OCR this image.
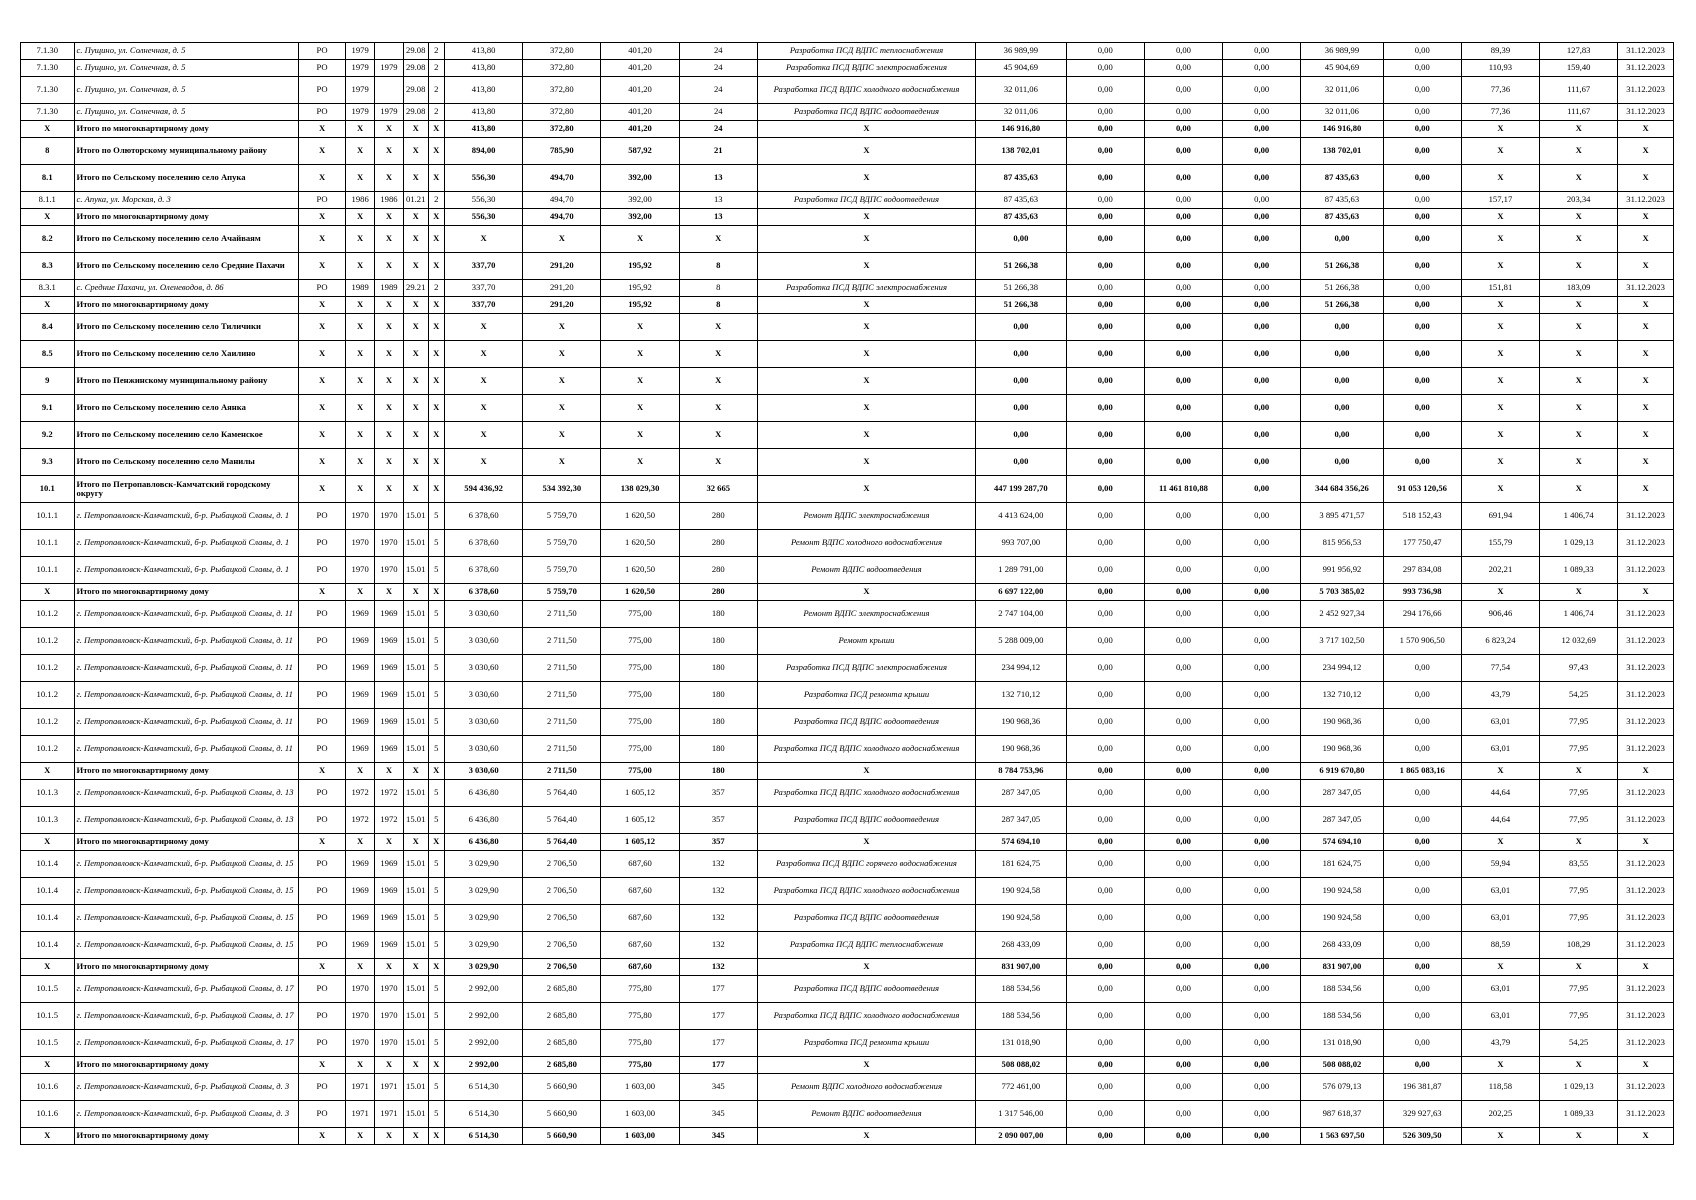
7.1.30	с. Пущино, ул. Солнечная, д. 5	РО	1979		29.08	2	413,80	372,80	401,20	24	Разработка ПСД ВДПС теплоснабжения	36 989,99	0,00	0,00	0,00	36 989,99	0,00	89,39	127,83	31.12.2023
7.1.30	с. Пущино, ул. Солнечная, д. 5	РО	1979	1979	29.08	2	413,80	372,80	401,20	24	Разработка ПСД ВДПС электроснабжения	45 904,69	0,00	0,00	0,00	45 904,69	0,00	110,93	159,40	31.12.2023
7.1.30	с. Пущино, ул. Солнечная, д. 5	РО	1979		29.08	2	413,80	372,80	401,20	24	Разработка ПСД ВДПС холодного водоснабжения	32 011,06	0,00	0,00	0,00	32 011,06	0,00	77,36	111,67	31.12.2023
7.1.30	с. Пущино, ул. Солнечная, д. 5	РО	1979	1979	29.08	2	413,80	372,80	401,20	24	Разработка ПСД ВДПС водоотведения	32 011,06	0,00	0,00	0,00	32 011,06	0,00	77,36	111,67	31.12.2023
X	Итого по многоквартирному дому	X	X	X	X	X	413,80	372,80	401,20	24	X	146 916,80	0,00	0,00	0,00	146 916,80	0,00	X	X	X
8	Итого по Олюторскому муниципальному району	X	X	X	X	X	894,00	785,90	587,92	21	X	138 702,01	0,00	0,00	0,00	138 702,01	0,00	X	X	X
8.1	Итого по Сельскому поселению село Апука	X	X	X	X	X	556,30	494,70	392,00	13	X	87 435,63	0,00	0,00	0,00	87 435,63	0,00	X	X	X
8.1.1	с. Апука, ул. Морская, д. 3	РО	1986	1986	01.21	2	556,30	494,70	392,00	13	Разработка ПСД ВДПС водоотведения	87 435,63	0,00	0,00	0,00	87 435,63	0,00	157,17	203,34	31.12.2023
X	Итого по многоквартирному дому	X	X	X	X	X	556,30	494,70	392,00	13	X	87 435,63	0,00	0,00	0,00	87 435,63	0,00	X	X	X
8.2	Итого по Сельскому поселению село Ачайваям	X	X	X	X	X	X	X	X	X	X	0,00	0,00	0,00	0,00	0,00	0,00	X	X	X
8.3	Итого по Сельскому поселению село Средние Пахачи	X	X	X	X	X	337,70	291,20	195,92	8	X	51 266,38	0,00	0,00	0,00	51 266,38	0,00	X	X	X
8.3.1	с. Средние Пахачи, ул. Оленеводов, д. 86	РО	1989	1989	29.21	2	337,70	291,20	195,92	8	Разработка ПСД ВДПС электроснабжения	51 266,38	0,00	0,00	0,00	51 266,38	0,00	151,81	183,09	31.12.2023
X	Итого по многоквартирному дому	X	X	X	X	X	337,70	291,20	195,92	8	X	51 266,38	0,00	0,00	0,00	51 266,38	0,00	X	X	X
8.4	Итого по Сельскому поселению село Тиличики	X	X	X	X	X	X	X	X	X	X	0,00	0,00	0,00	0,00	0,00	0,00	X	X	X
8.5	Итого по Сельскому поселению село Хаилино	X	X	X	X	X	X	X	X	X	X	0,00	0,00	0,00	0,00	0,00	0,00	X	X	X
9	Итого по Пенжинскому муниципальному району	X	X	X	X	X	X	X	X	X	X	0,00	0,00	0,00	0,00	0,00	0,00	X	X	X
9.1	Итого по Сельскому поселению село Аянка	X	X	X	X	X	X	X	X	X	X	0,00	0,00	0,00	0,00	0,00	0,00	X	X	X
9.2	Итого по Сельскому поселению село Каменское	X	X	X	X	X	X	X	X	X	X	0,00	0,00	0,00	0,00	0,00	0,00	X	X	X
9.3	Итого по Сельскому поселению село Манилы	X	X	X	X	X	X	X	X	X	X	0,00	0,00	0,00	0,00	0,00	0,00	X	X	X
10.1	Итого по Петропавловск-Камчатский городскому округу	X	X	X	X	X	594 436,92	534 392,30	138 029,30	32 665	X	447 199 287,70	0,00	11 461 810,88	0,00	344 684 356,26	91 053 120,56	X	X	X
10.1.1	г. Петропавловск-Камчатский, б-р. Рыбацкой Славы, д. 1	РО	1970	1970	15.01	5	6 378,60	5 759,70	1 620,50	280	Ремонт ВДПС электроснабжения	4 413 624,00	0,00	0,00	0,00	3 895 471,57	518 152,43	691,94	1 406,74	31.12.2023
10.1.1	г. Петропавловск-Камчатский, б-р. Рыбацкой Славы, д. 1	РО	1970	1970	15.01	5	6 378,60	5 759,70	1 620,50	280	Ремонт ВДПС холодного водоснабжения	993 707,00	0,00	0,00	0,00	815 956,53	177 750,47	155,79	1 029,13	31.12.2023
10.1.1	г. Петропавловск-Камчатский, б-р. Рыбацкой Славы, д. 1	РО	1970	1970	15.01	5	6 378,60	5 759,70	1 620,50	280	Ремонт ВДПС водоотведения	1 289 791,00	0,00	0,00	0,00	991 956,92	297 834,08	202,21	1 089,33	31.12.2023
X	Итого по многоквартирному дому	X	X	X	X	X	6 378,60	5 759,70	1 620,50	280	X	6 697 122,00	0,00	0,00	0,00	5 703 385,02	993 736,98	X	X	X
10.1.2	г. Петропавловск-Камчатский, б-р. Рыбацкой Славы, д. 11	РО	1969	1969	15.01	5	3 030,60	2 711,50	775,00	180	Ремонт ВДПС электроснабжения	2 747 104,00	0,00	0,00	0,00	2 452 927,34	294 176,66	906,46	1 406,74	31.12.2023
10.1.2	г. Петропавловск-Камчатский, б-р. Рыбацкой Славы, д. 11	РО	1969	1969	15.01	5	3 030,60	2 711,50	775,00	180	Ремонт крыши	5 288 009,00	0,00	0,00	0,00	3 717 102,50	1 570 906,50	6 823,24	12 032,69	31.12.2023
10.1.2	г. Петропавловск-Камчатский, б-р. Рыбацкой Славы, д. 11	РО	1969	1969	15.01	5	3 030,60	2 711,50	775,00	180	Разработка ПСД ВДПС электроснабжения	234 994,12	0,00	0,00	0,00	234 994,12	0,00	77,54	97,43	31.12.2023
10.1.2	г. Петропавловск-Камчатский, б-р. Рыбацкой Славы, д. 11	РО	1969	1969	15.01	5	3 030,60	2 711,50	775,00	180	Разработка ПСД ремонта крыши	132 710,12	0,00	0,00	0,00	132 710,12	0,00	43,79	54,25	31.12.2023
10.1.2	г. Петропавловск-Камчатский, б-р. Рыбацкой Славы, д. 11	РО	1969	1969	15.01	5	3 030,60	2 711,50	775,00	180	Разработка ПСД ВДПС водоотведения	190 968,36	0,00	0,00	0,00	190 968,36	0,00	63,01	77,95	31.12.2023
10.1.2	г. Петропавловск-Камчатский, б-р. Рыбацкой Славы, д. 11	РО	1969	1969	15.01	5	3 030,60	2 711,50	775,00	180	Разработка ПСД ВДПС холодного водоснабжения	190 968,36	0,00	0,00	0,00	190 968,36	0,00	63,01	77,95	31.12.2023
X	Итого по многоквартирному дому	X	X	X	X	X	3 030,60	2 711,50	775,00	180	X	8 784 753,96	0,00	0,00	0,00	6 919 670,80	1 865 083,16	X	X	X
10.1.3	г. Петропавловск-Камчатский, б-р. Рыбацкой Славы, д. 13	РО	1972	1972	15.01	5	6 436,80	5 764,40	1 605,12	357	Разработка ПСД ВДПС холодного водоснабжения	287 347,05	0,00	0,00	0,00	287 347,05	0,00	44,64	77,95	31.12.2023
10.1.3	г. Петропавловск-Камчатский, б-р. Рыбацкой Славы, д. 13	РО	1972	1972	15.01	5	6 436,80	5 764,40	1 605,12	357	Разработка ПСД ВДПС водоотведения	287 347,05	0,00	0,00	0,00	287 347,05	0,00	44,64	77,95	31.12.2023
X	Итого по многоквартирному дому	X	X	X	X	X	6 436,80	5 764,40	1 605,12	357	X	574 694,10	0,00	0,00	0,00	574 694,10	0,00	X	X	X
10.1.4	г. Петропавловск-Камчатский, б-р. Рыбацкой Славы, д. 15	РО	1969	1969	15.01	5	3 029,90	2 706,50	687,60	132	Разработка ПСД ВДПС горячего водоснабжения	181 624,75	0,00	0,00	0,00	181 624,75	0,00	59,94	83,55	31.12.2023
10.1.4	г. Петропавловск-Камчатский, б-р. Рыбацкой Славы, д. 15	РО	1969	1969	15.01	5	3 029,90	2 706,50	687,60	132	Разработка ПСД ВДПС холодного водоснабжения	190 924,58	0,00	0,00	0,00	190 924,58	0,00	63,01	77,95	31.12.2023
10.1.4	г. Петропавловск-Камчатский, б-р. Рыбацкой Славы, д. 15	РО	1969	1969	15.01	5	3 029,90	2 706,50	687,60	132	Разработка ПСД ВДПС водоотведения	190 924,58	0,00	0,00	0,00	190 924,58	0,00	63,01	77,95	31.12.2023
10.1.4	г. Петропавловск-Камчатский, б-р. Рыбацкой Славы, д. 15	РО	1969	1969	15.01	5	3 029,90	2 706,50	687,60	132	Разработка ПСД ВДПС теплоснабжения	268 433,09	0,00	0,00	0,00	268 433,09	0,00	88,59	108,29	31.12.2023
X	Итого по многоквартирному дому	X	X	X	X	X	3 029,90	2 706,50	687,60	132	X	831 907,00	0,00	0,00	0,00	831 907,00	0,00	X	X	X
10.1.5	г. Петропавловск-Камчатский, б-р. Рыбацкой Славы, д. 17	РО	1970	1970	15.01	5	2 992,00	2 685,80	775,80	177	Разработка ПСД ВДПС водоотведения	188 534,56	0,00	0,00	0,00	188 534,56	0,00	63,01	77,95	31.12.2023
10.1.5	г. Петропавловск-Камчатский, б-р. Рыбацкой Славы, д. 17	РО	1970	1970	15.01	5	2 992,00	2 685,80	775,80	177	Разработка ПСД ВДПС холодного водоснабжения	188 534,56	0,00	0,00	0,00	188 534,56	0,00	63,01	77,95	31.12.2023
10.1.5	г. Петропавловск-Камчатский, б-р. Рыбацкой Славы, д. 17	РО	1970	1970	15.01	5	2 992,00	2 685,80	775,80	177	Разработка ПСД ремонта крыши	131 018,90	0,00	0,00	0,00	131 018,90	0,00	43,79	54,25	31.12.2023
X	Итого по многоквартирному дому	X	X	X	X	X	2 992,00	2 685,80	775,80	177	X	508 088,02	0,00	0,00	0,00	508 088,02	0,00	X	X	X
10.1.6	г. Петропавловск-Камчатский, б-р. Рыбацкой Славы, д. 3	РО	1971	1971	15.01	5	6 514,30	5 660,90	1 603,00	345	Ремонт ВДПС холодного водоснабжения	772 461,00	0,00	0,00	0,00	576 079,13	196 381,87	118,58	1 029,13	31.12.2023
10.1.6	г. Петропавловск-Камчатский, б-р. Рыбацкой Славы, д. 3	РО	1971	1971	15.01	5	6 514,30	5 660,90	1 603,00	345	Ремонт ВДПС водоотведения	1 317 546,00	0,00	0,00	0,00	987 618,37	329 927,63	202,25	1 089,33	31.12.2023
X	Итого по многоквартирному дому	X	X	X	X	X	6 514,30	5 660,90	1 603,00	345	X	2 090 007,00	0,00	0,00	0,00	1 563 697,50	526 309,50	X	X	X
